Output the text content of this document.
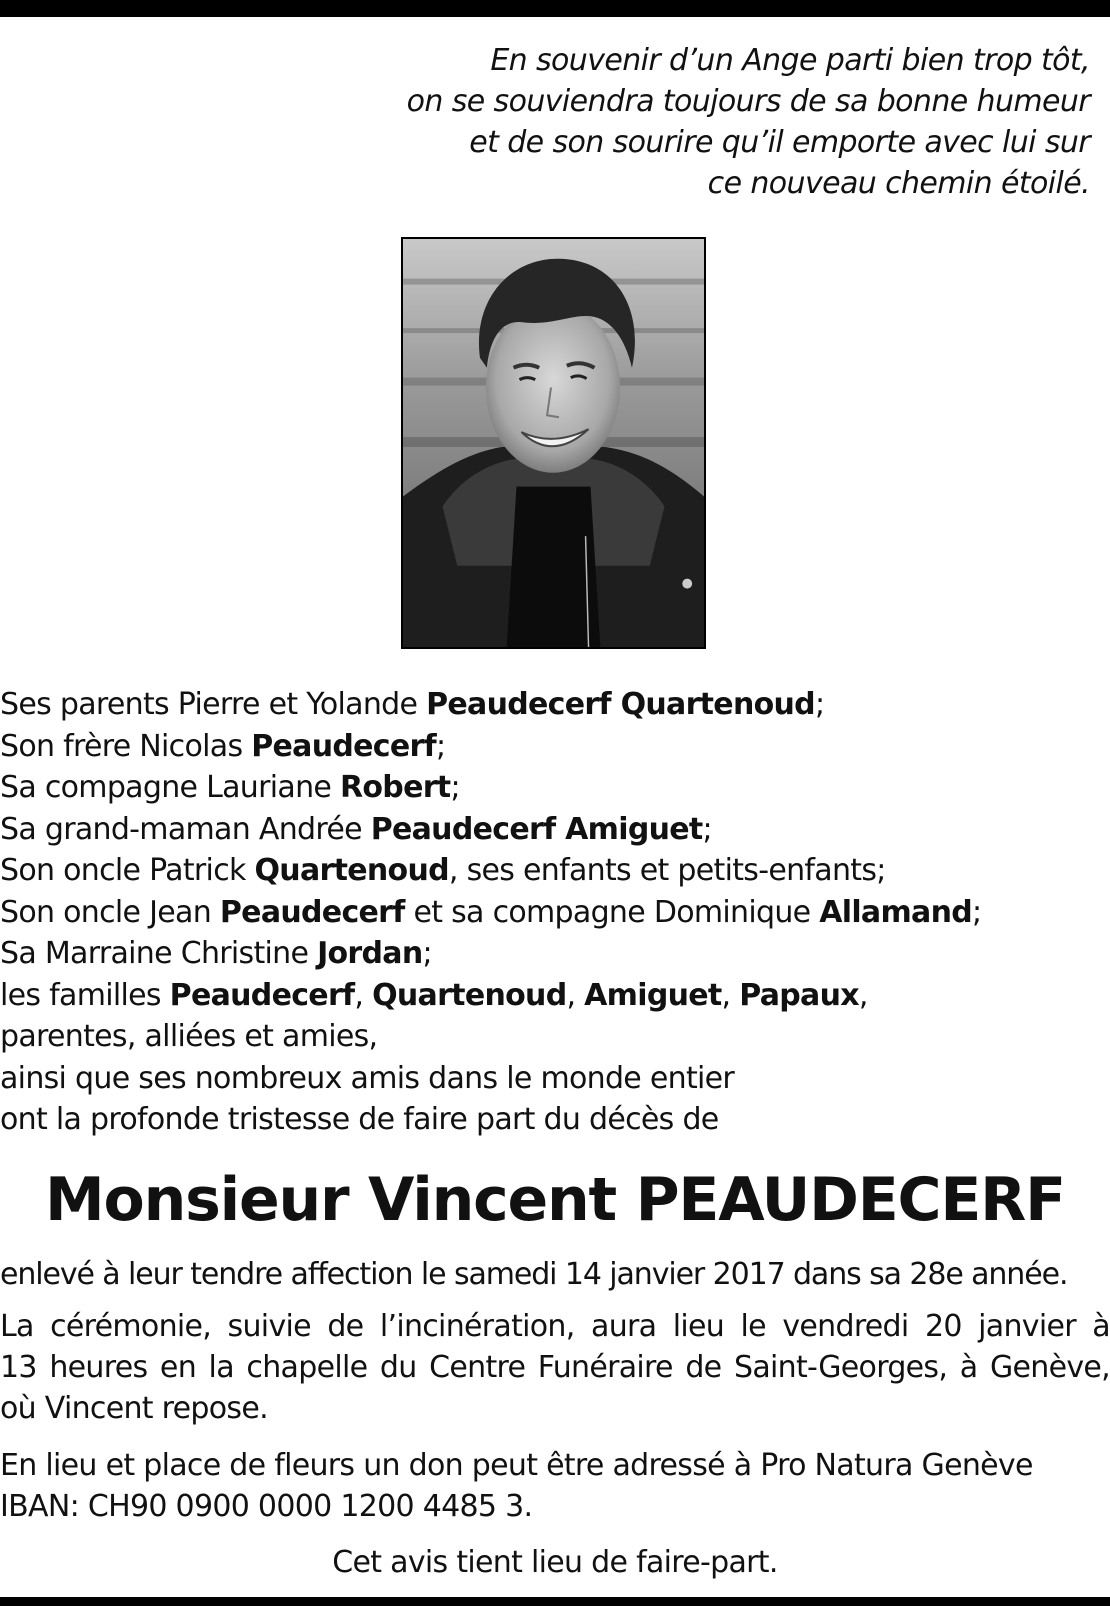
En souvenir d’un Ange parti bien trop tôt,
on se souviendra toujours de sa bonne humeur
et de son sourire qu’il emporte avec lui sur
ce nouveau chemin étoilé.
Ses parents Pierre et Yolande Peaudecerf Quartenoud;
Son frère Nicolas Peaudecerf;
Sa compagne Lauriane Robert;
Sa grand-maman Andrée Peaudecerf Amiguet;
Son oncle Patrick Quartenoud, ses enfants et petits-enfants;
Son oncle Jean Peaudecerf et sa compagne Dominique Allamand;
Sa Marraine Christine Jordan;
les familles Peaudecerf, Quartenoud, Amiguet, Papaux,
parentes, alliées et amies,
ainsi que ses nombreux amis dans le monde entier
ont la profonde tristesse de faire part du décès de
Monsieur Vincent PEAUDECERF
enlevé à leur tendre affection le samedi 14 janvier 2017 dans sa 28e année.
La cérémonie, suivie de l’incinération, aura lieu le vendredi 20 janvier à
13 heures en la chapelle du Centre Funéraire de Saint-Georges, à Genève,
où Vincent repose.
En lieu et place de fleurs un don peut être adressé à Pro Natura Genève
IBAN: CH90 0900 0000 1200 4485 3.
Cet avis tient lieu de faire-part.
